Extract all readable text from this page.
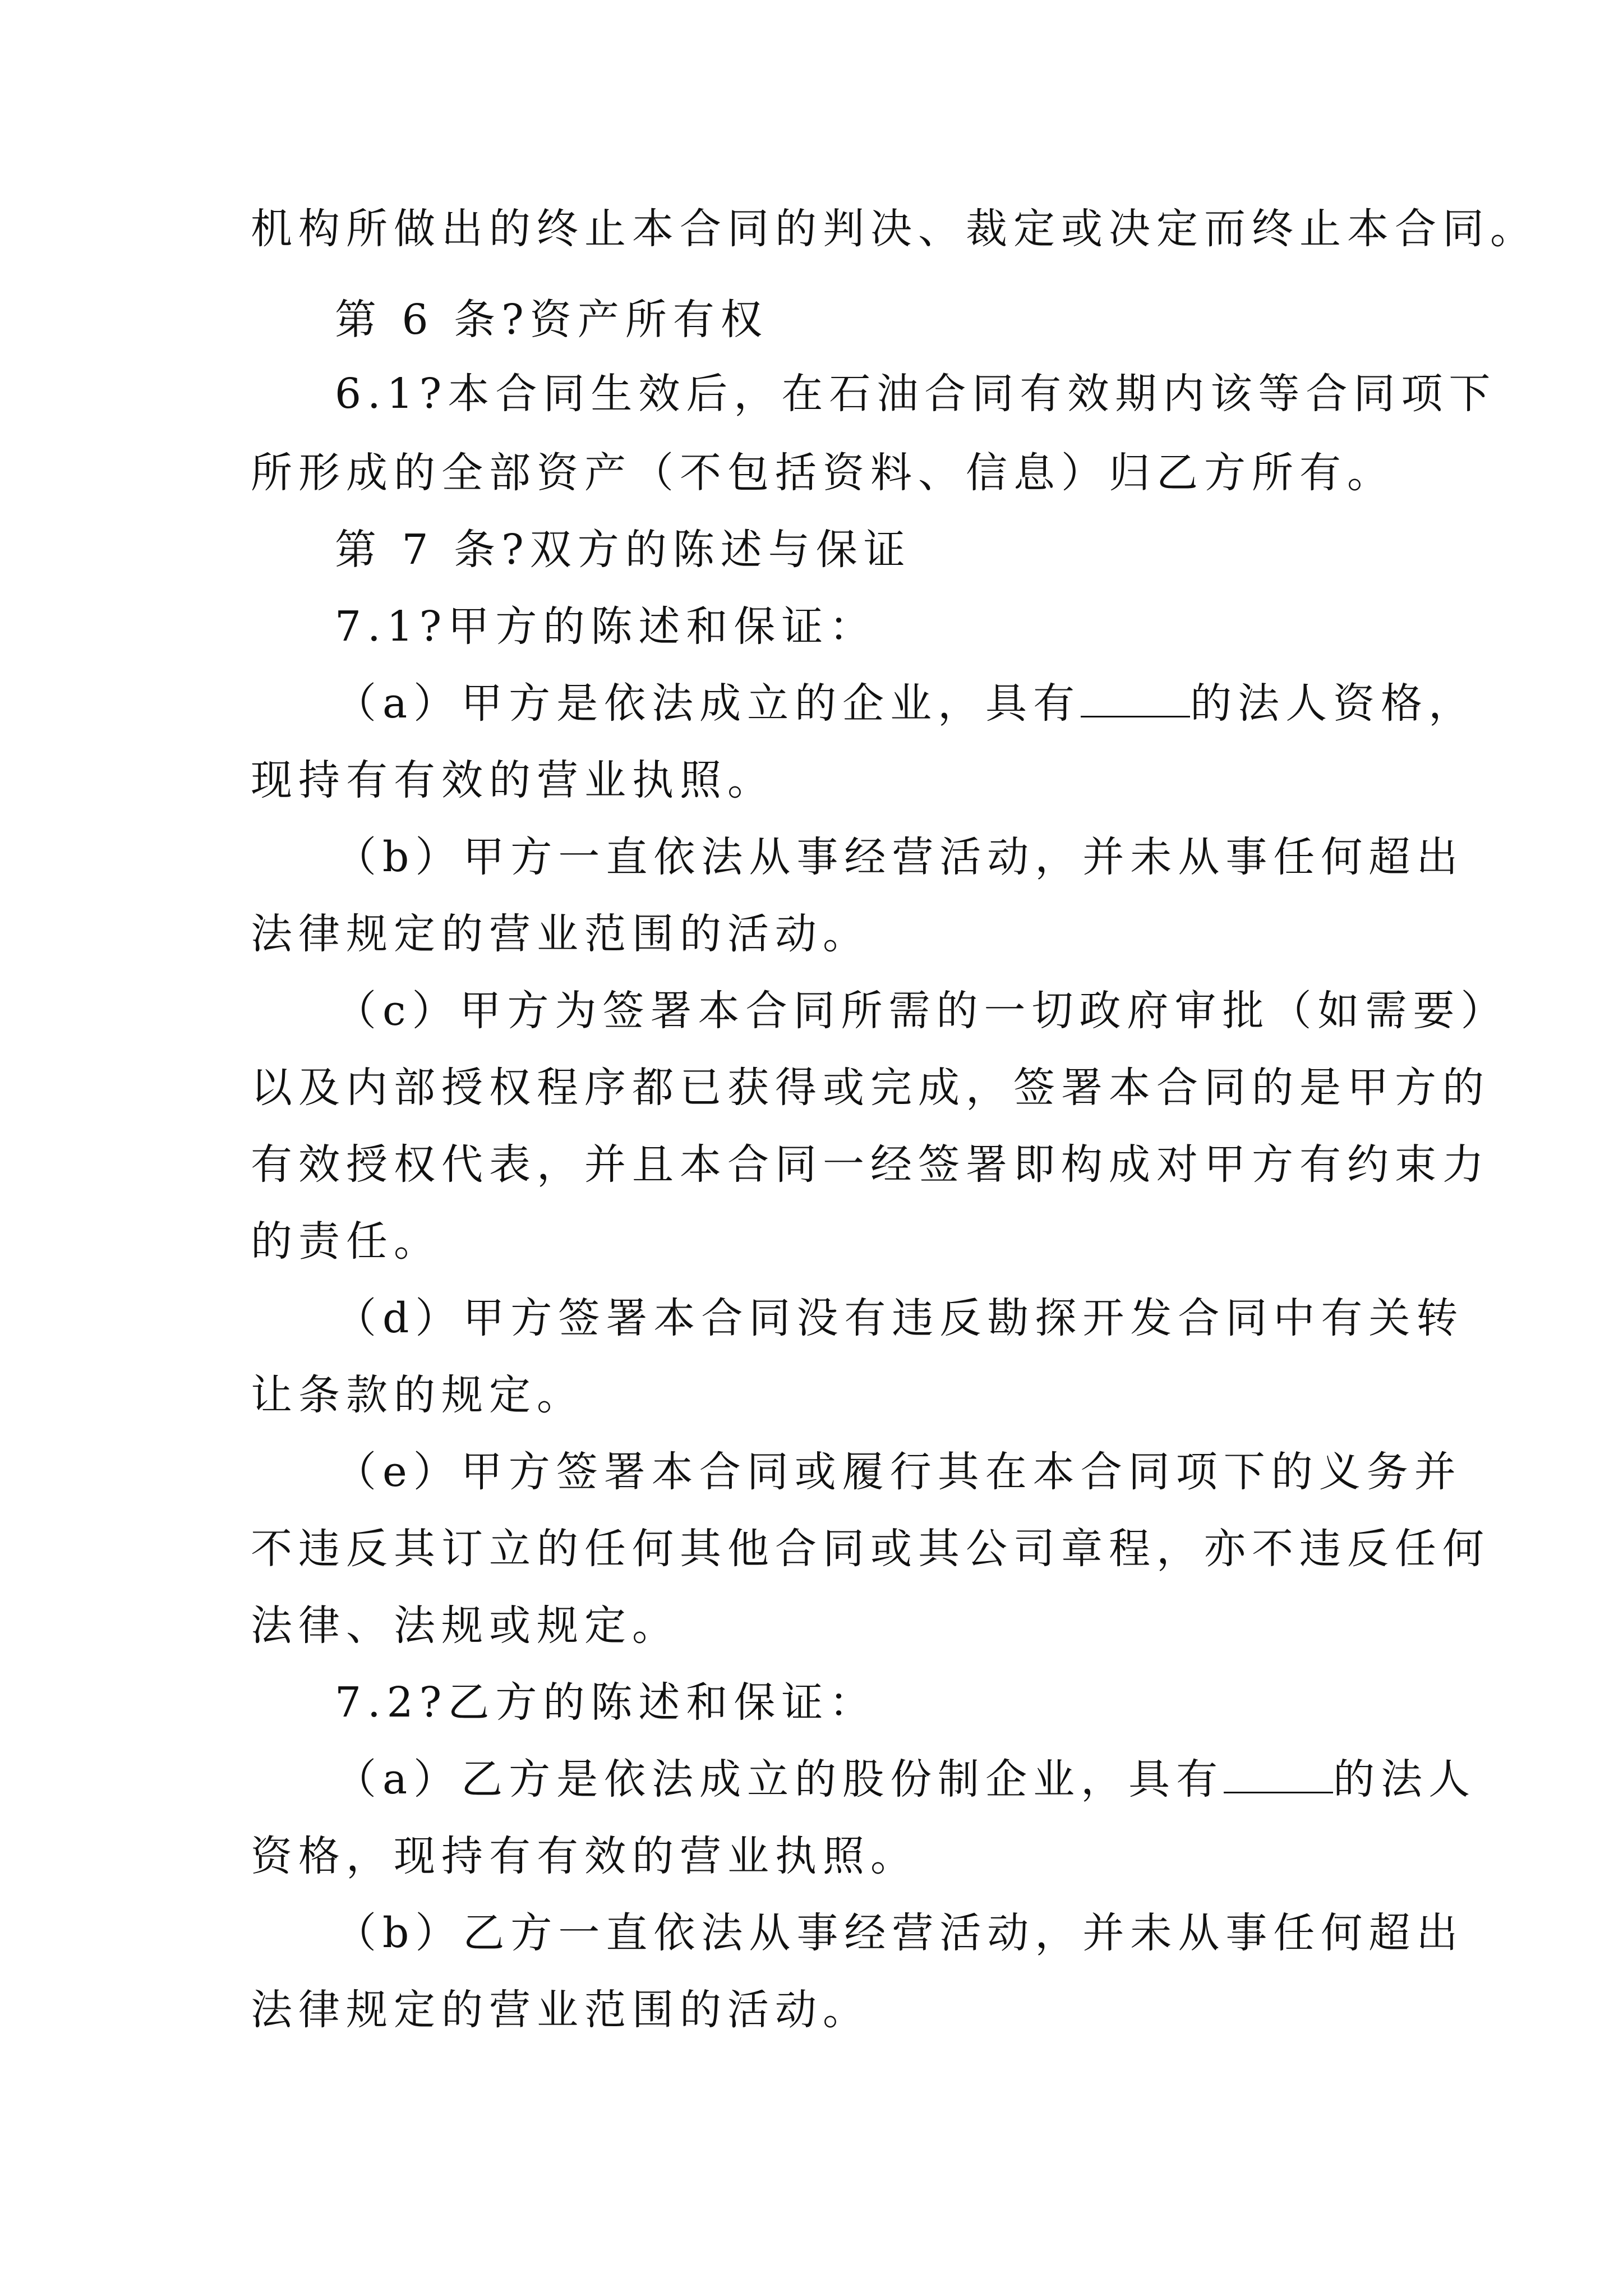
机构所做出的终止本合同的判决、裁定或决定而终止本合同。
第 6 条?资产所有权
6.1?本合同生效后，在石油合同有效期内该等合同项下
所形成的全部资产（不包括资料、信息）归乙方所有。
第 7 条?双方的陈述与保证
7.1?甲方的陈述和保证：
（a）甲方是依法成立的企业，具有	的法人资格，
现持有有效的营业执照。
（b）甲方一直依法从事经营活动，并未从事任何超出
法律规定的营业范围的活动。
（c）甲方为签署本合同所需的一切政府审批（如需要）
以及内部授权程序都已获得或完成，签署本合同的是甲方的
有效授权代表，并且本合同一经签署即构成对甲方有约束力
的责任。
（d）甲方签署本合同没有违反勘探开发合同中有关转
让条款的规定。
（e）甲方签署本合同或履行其在本合同项下的义务并
不违反其订立的任何其他合同或其公司章程，亦不违反任何
法律、法规或规定。
7.2?乙方的陈述和保证：
（a）乙方是依法成立的股份制企业，具有	的法人
资格，现持有有效的营业执照。
（b）乙方一直依法从事经营活动，并未从事任何超出
法律规定的营业范围的活动。
